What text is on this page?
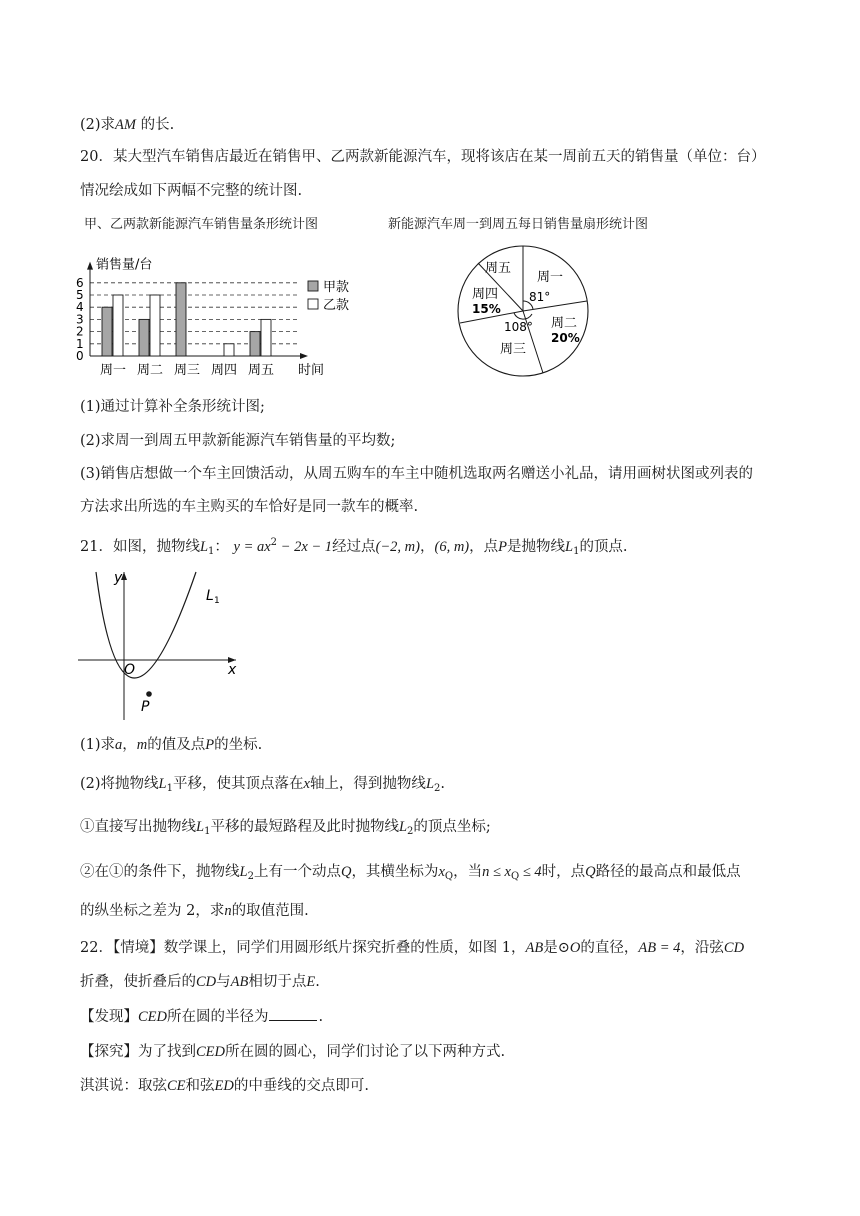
(2)求AM 的长.
20．某大型汽车销售店最近在销售甲、乙两款新能源汽车，现将该店在某一周前五天的销售量（单位：台）
情况绘成如下两幅不完整的统计图.
甲、乙两款新能源汽车销售量条形统计图
0
1
2
3
4
5
6
销售量/台
周一 周二 周三 周四 周五 时间
甲款
乙款
新能源汽车周一到周五每日销售量扇形统计图
周一
81°
周二
20%
周三
108°
周四
15%
周五
(1)通过计算补全条形统计图;
(2)求周一到周五甲款新能源汽车销售量的平均数;
(3)销售店想做一个车主回馈活动，从周五购车的车主中随机选取两名赠送小礼品，请用画树状图或列表的
方法求出所选的车主购买的车恰好是同一款车的概率.
21．如图，抛物线$L_1$： $y = ax^2 - 2x - 1$经过点(−2, m)，(6, m)，点P是抛物线$L_1$的顶点.
y
x
O
P
L 1
(1)求a，m的值及点P的坐标.
(2)将抛物线$L_1$平移，使其顶点落在x轴上，得到抛物线$L_2$.
①直接写出抛物线$L_1$平移的最短路程及此时抛物线$L_2$的顶点坐标;
②在①的条件下，抛物线$L_2$上有一个动点Q，其横坐标为$x_Q$，当$n \le x_Q \le 4$时，点Q路径的最高点和最低点
的纵坐标之差为 2，求n的取值范围.
22．【情境】数学课上，同学们用圆形纸片探究折叠的性质，如图 1，AB是⊙O的直径，AB = 4，沿弦CD
折叠，使折叠后的CD与AB相切于点E.
【发现】CED所在圆的半径为	.
【探究】为了找到CED所在圆的圆心，同学们讨论了以下两种方式.
淇淇说：取弦CE和弦ED的中垂线的交点即可.
